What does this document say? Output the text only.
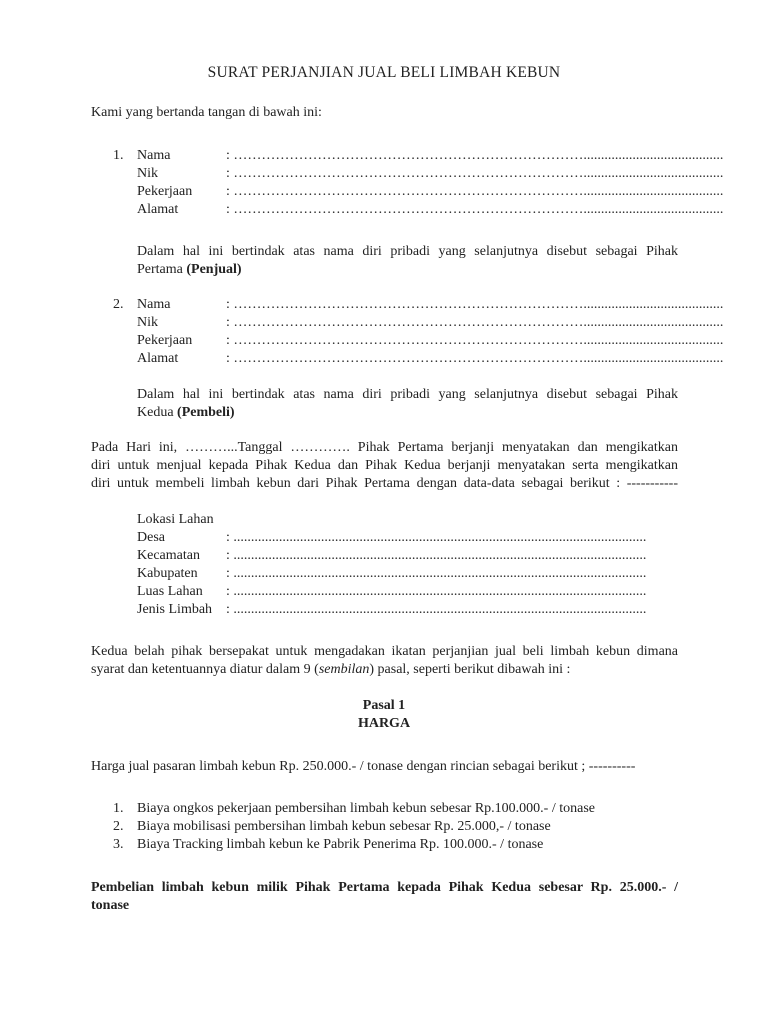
SURAT PERJANJIAN JUAL BELI LIMBAH KEBUN
Kami yang bertanda tangan di bawah ini:
1. Nama	: …………………………………………………………………........................................
Nik	: …………………………………………………………………........................................
Pekerjaan : …………………………………………………………………........................................
Alamat	: …………………………………………………………………........................................
Dalam hal ini bertindak atas nama diri pribadi yang selanjutnya disebut sebagai Pihak
Pertama (Penjual)
2. Nama	: …………………………………………………………………........................................
Nik	: …………………………………………………………………........................................
Pekerjaan : …………………………………………………………………........................................
Alamat	: …………………………………………………………………........................................
Dalam hal ini bertindak atas nama diri pribadi yang selanjutnya disebut sebagai Pihak
Kedua (Pembeli)
Pada Hari ini, ………...Tanggal …………. Pihak Pertama berjanji menyatakan dan mengikatkan
diri untuk menjual kepada Pihak Kedua dan Pihak Kedua berjanji menyatakan serta mengikatkan
diri untuk membeli limbah kebun dari Pihak Pertama dengan data-data sebagai berikut : -----------
Lokasi Lahan
Desa	: ......................................................................................................................
Kecamatan : ......................................................................................................................
Kabupaten : ......................................................................................................................
Luas Lahan : ......................................................................................................................
Jenis Limbah : ......................................................................................................................
Kedua belah pihak bersepakat untuk mengadakan ikatan perjanjian jual beli limbah kebun dimana
syarat dan ketentuannya diatur dalam 9 (sembilan) pasal, seperti berikut dibawah ini :
Pasal 1
HARGA
Harga jual pasaran limbah kebun Rp. 250.000.- / tonase dengan rincian sebagai berikut ; ----------
1. Biaya ongkos pekerjaan pembersihan limbah kebun sebesar Rp.100.000.- / tonase
2. Biaya mobilisasi pembersihan limbah kebun sebesar Rp. 25.000,- / tonase
3. Biaya Tracking limbah kebun ke Pabrik Penerima Rp. 100.000.- / tonase
Pembelian limbah kebun milik Pihak Pertama kepada Pihak Kedua sebesar Rp. 25.000.- /
tonase
